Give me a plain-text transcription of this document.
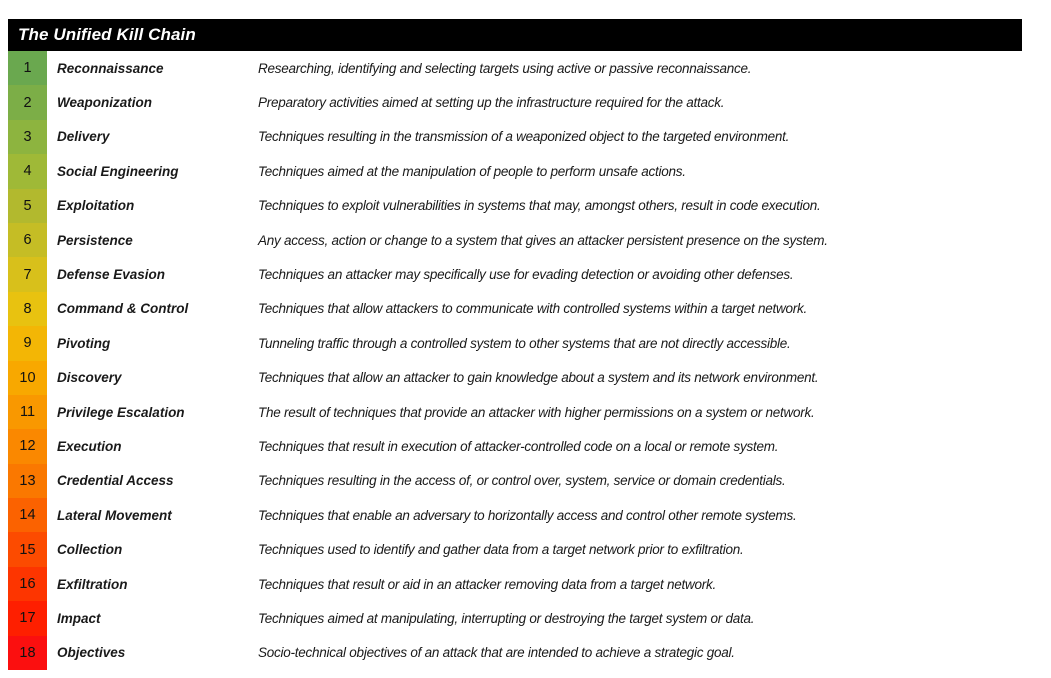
The Unified Kill Chain
1	Reconnaissance	Researching, identifying and selecting targets using active or passive reconnaissance.
2	Weaponization	Preparatory activities aimed at setting up the infrastructure required for the attack.
3	Delivery	Techniques resulting in the transmission of a weaponized object to the targeted environment.
4	Social Engineering	Techniques aimed at the manipulation of people to perform unsafe actions.
5	Exploitation	Techniques to exploit vulnerabilities in systems that may, amongst others, result in code execution.
6	Persistence	Any access, action or change to a system that gives an attacker persistent presence on the system.
7	Defense Evasion	Techniques an attacker may specifically use for evading detection or avoiding other defenses.
8	Command & Control	Techniques that allow attackers to communicate with controlled systems within a target network.
9	Pivoting	Tunneling traffic through a controlled system to other systems that are not directly accessible.
10	Discovery	Techniques that allow an attacker to gain knowledge about a system and its network environment.
11	Privilege Escalation	The result of techniques that provide an attacker with higher permissions on a system or network.
12	Execution	Techniques that result in execution of attacker-controlled code on a local or remote system.
13	Credential Access	Techniques resulting in the access of, or control over, system, service or domain credentials.
14	Lateral Movement	Techniques that enable an adversary to horizontally access and control other remote systems.
15	Collection	Techniques used to identify and gather data from a target network prior to exfiltration.
16	Exfiltration	Techniques that result or aid in an attacker removing data from a target network.
17	Impact	Techniques aimed at manipulating, interrupting or destroying the target system or data.
18	Objectives	Socio-technical objectives of an attack that are intended to achieve a strategic goal.
